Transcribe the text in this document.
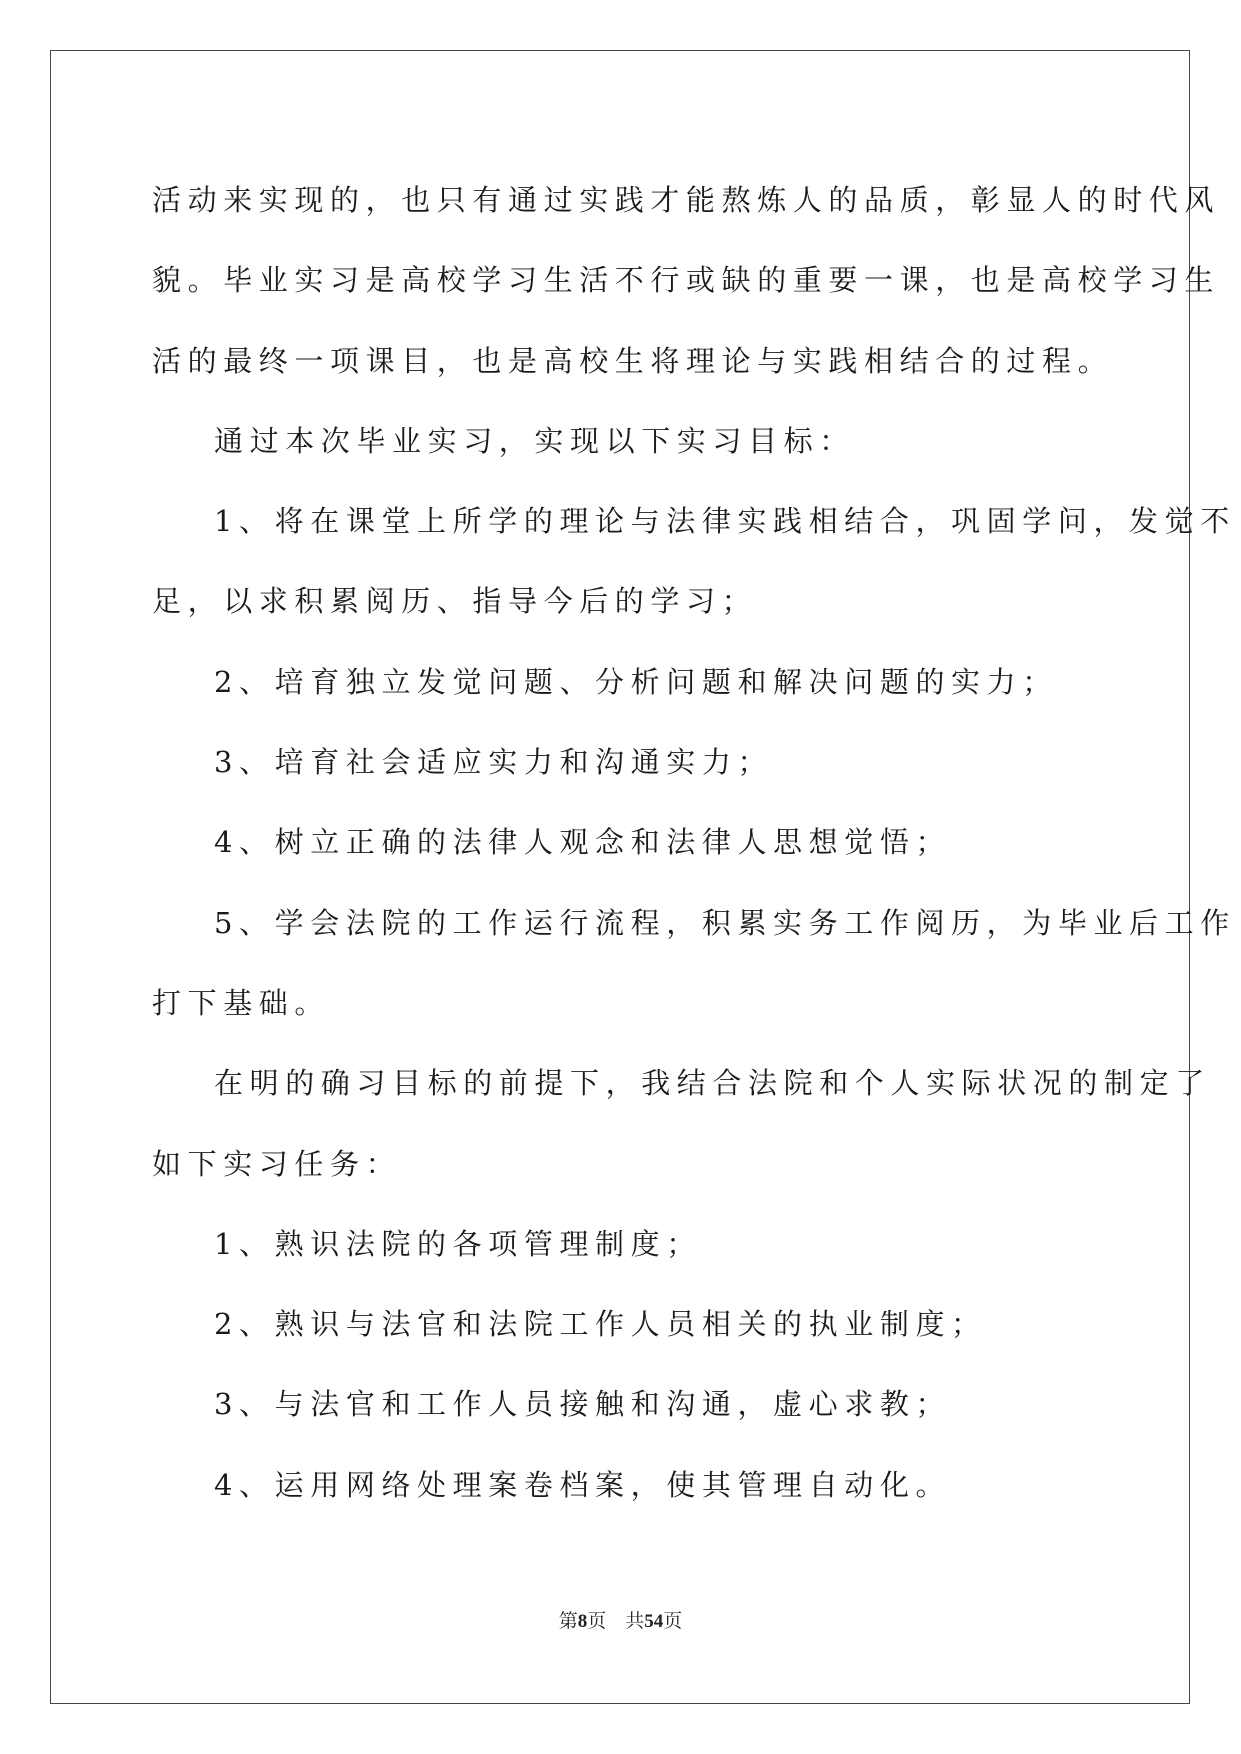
活动来实现的，也只有通过实践才能熬炼人的品质，彰显人的时代风
貌。毕业实习是高校学习生活不行或缺的重要一课，也是高校学习生
活的最终一项课目，也是高校生将理论与实践相结合的过程。
通过本次毕业实习，实现以下实习目标：
1、将在课堂上所学的理论与法律实践相结合，巩固学问，发觉不
足，以求积累阅历、指导今后的学习；
2、培育独立发觉问题、分析问题和解决问题的实力；
3、培育社会适应实力和沟通实力；
4、树立正确的法律人观念和法律人思想觉悟；
5、学会法院的工作运行流程，积累实务工作阅历，为毕业后工作
打下基础。
在明的确习目标的前提下，我结合法院和个人实际状况的制定了
如下实习任务：
1、熟识法院的各项管理制度；
2、熟识与法官和法院工作人员相关的执业制度；
3、与法官和工作人员接触和沟通，虚心求教；
4、运用网络处理案卷档案，使其管理自动化。
第8页 共54页
